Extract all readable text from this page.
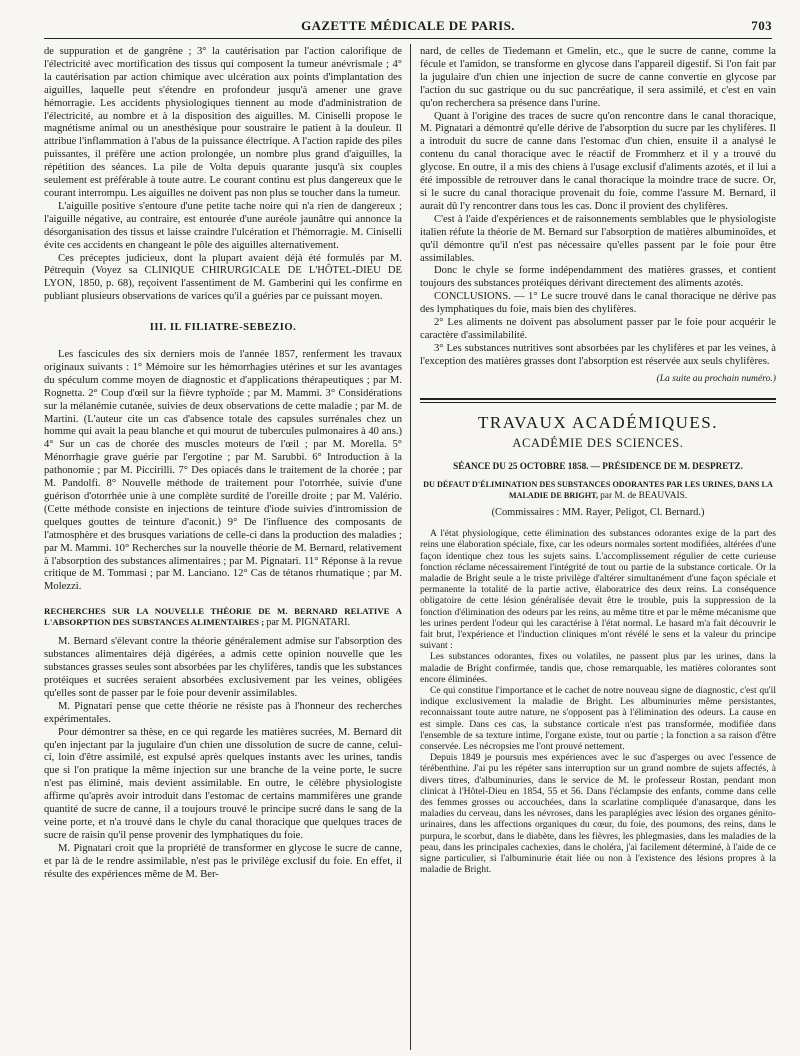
GAZETTE MÉDICALE DE PARIS.	703

de suppuration et de gangrène ; 3° la cautérisation par l'action calorifique de l'électricité avec mortification des tissus qui composent la tumeur anévrismale ; 4° la cautérisation par action chimique avec ulcération aux points d'implantation des aiguilles, laquelle peut s'étendre en profondeur jusqu'à amener une grave hémorragie. Les accidents physiologiques tiennent au mode d'administration de l'électricité, au nombre et à la disposition des aiguilles. M. Ciniselli propose le magnétisme animal ou un anesthésique pour soustraire le patient à la douleur. Il attribue l'inflammation à l'abus de la puissance électrique. A l'action rapide des piles puissantes, il préfère une action prolongée, un nombre plus grand d'aiguilles, la répétition des séances. La pile de Volta depuis quarante jusqu'à six couples seulement est préférable à toute autre. Le courant continu est plus dangereux que le courant interrompu. Les aiguilles ne doivent pas non plus se toucher dans la tumeur.

L'aiguille positive s'entoure d'une petite tache noire qui n'a rien de dangereux ; l'aiguille négative, au contraire, est entourée d'une auréole jaunâtre qui annonce la désorganisation des tissus et laisse craindre l'ulcération et l'hémorragie. M. Ciniselli évite ces accidents en changeant le pôle des aiguilles alternativement.

Ces préceptes judicieux, dont la plupart avaient déjà été formulés par M. Pétrequin (Voyez sa CLINIQUE CHIRURGICALE DE L'HÔTEL-DIEU DE LYON, 1850, p. 68), reçoivent l'assentiment de M. Gamberini qui les confirme en publiant plusieurs observations de varices qu'il a guéries par ce puissant moyen.

III. IL FILIATRE-SEBEZIO.

Les fascicules des six derniers mois de l'année 1857, renferment les travaux originaux suivants : 1° Mémoire sur les hémorrhagies utérines et sur les avantages du spéculum comme moyen de diagnostic et d'applications thérapeutiques ; par M. Rognetta. 2° Coup d'œil sur la fièvre typhoïde ; par M. Mammi. 3° Considérations sur la mélanémie cutanée, suivies de deux observations de cette maladie ; par M. de Martini. (L'auteur cite un cas d'absence totale des capsules surrénales chez un homme qui avait la peau blanche et qui mourut de tubercules pulmonaires à 40 ans.) 4° Sur un cas de chorée des muscles moteurs de l'œil ; par M. Morella. 5° Ménorrhagie grave guérie par l'ergotine ; par M. Sarubbi. 6° Introduction à la pathonomie ; par M. Piccirilli. 7° Des opiacés dans le traitement de la chorée ; par M. Pandolfi. 8° Nouvelle méthode de traitement pour l'otorrhée, suivie d'une guérison d'otorrhée unie à une complète surdité de l'oreille droite ; par M. Valério. (Cette méthode consiste en injections de teinture d'iode suivies d'intromission de quelques gouttes de teinture d'aconit.) 9° De l'influence des composants de l'atmosphère et des brusques variations de celle-ci dans la production des maladies ; par M. Mammi. 10° Recherches sur la nouvelle théorie de M. Bernard, relativement à l'absorption des substances alimentaires ; par M. Pignatari. 11° Réponse à la revue critique de M. Tommasi ; par M. Lanciano. 12° Cas de tétanos rhumatique ; par M. Molezzi.

RECHERCHES SUR LA NOUVELLE THÉORIE DE M. BERNARD RELATIVE A L'ABSORPTION DES SUBSTANCES ALIMENTAIRES ; par M. PIGNATARI.

M. Bernard s'élevant contre la théorie généralement admise sur l'absorption des substances alimentaires déjà digérées, a admis cette opinion nouvelle que les substances grasses seules sont absorbées par les chylifères, tandis que les substances protéiques et sucrées seraient absorbées exclusivement par les veines, obligées qu'elles sont de passer par le foie pour devenir assimilables.

M. Pignatari pense que cette théorie ne résiste pas à l'honneur des recherches expérimentales.

Pour démontrer sa thèse, en ce qui regarde les matières sucrées, M. Bernard dit qu'en injectant par la jugulaire d'un chien une dissolution de sucre de canne, celui-ci, loin d'être assimilé, est expulsé après quelques instants avec les urines, tandis que si l'on pratique la même injection sur une branche de la veine porte, le sucre n'est pas éliminé, mais devient assimilable. En outre, le célèbre physiologiste affirme qu'après avoir introduit dans l'estomac de certains mammifères une grande quantité de sucre de canne, il a toujours trouvé le principe sucré dans le sang de la veine porte, et n'a trouvé dans le chyle du canal thoracique que quelques traces de sucre de raisin qu'il pense provenir des lymphatiques du foie.

M. Pignatari croit que la propriété de transformer en glycose le sucre de canne, et par là de le rendre assimilable, n'est pas le privilège exclusif du foie. En effet, il résulte des expériences même de M. Ber-

nard, de celles de Tiedemann et Gmelin, etc., que le sucre de canne, comme la fécule et l'amidon, se transforme en glycose dans l'appareil digestif. Si l'on fait par la jugulaire d'un chien une injection de sucre de canne convertie en glycose par l'action du suc gastrique ou du suc pancréatique, il sera assimilé, et c'est en vain qu'on recherchera sa présence dans l'urine.

Quant à l'origine des traces de sucre qu'on rencontre dans le canal thoracique, M. Pignatari a démontré qu'elle dérive de l'absorption du sucre par les chylifères. Il a introduit du sucre de canne dans l'estomac d'un chien, ensuite il a analysé le contenu du canal thoracique avec le réactif de Frommherz et il y a trouvé du glycose. En outre, il a mis des chiens à l'usage exclusif d'aliments azotés, et il lui a été impossible de retrouver dans le canal thoracique la moindre trace de sucre. Or, si le sucre du canal thoracique provenait du foie, comme l'assure M. Bernard, il aurait dû l'y rencontrer dans tous les cas. Donc il provient des chylifères.

C'est à l'aide d'expériences et de raisonnements semblables que le physiologiste italien réfute la théorie de M. Bernard sur l'absorption de matières albuminoïdes, et qu'il démontre qu'il n'est pas nécessaire qu'elles passent par le foie pour être assimilables.

Donc le chyle se forme indépendamment des matières grasses, et contient toujours des substances protéiques dérivant directement des aliments azotés.

CONCLUSIONS. — 1° Le sucre trouvé dans le canal thoracique ne dérive pas des lymphatiques du foie, mais bien des chylifères.

2° Les aliments ne doivent pas absolument passer par le foie pour acquérir le caractère d'assimilabilité.

3° Les substances nutritives sont absorbées par les chylifères et par les veines, à l'exception des matières grasses dont l'absorption est réservée aux seuls chylifères.

(La suite au prochain numéro.)
TRAVAUX ACADÉMIQUES.
ACADÉMIE DES SCIENCES.
SÉANCE DU 25 OCTOBRE 1858. — PRÉSIDENCE DE M. DESPRETZ.
DU DÉFAUT D'ÉLIMINATION DES SUBSTANCES ODORANTES PAR LES URINES, DANS LA MALADIE DE BRIGHT, par M. de BEAUVAIS.
(Commissaires : MM. Rayer, Peligot, Cl. Bernard.)

A l'état physiologique, cette élimination des substances odorantes exige de la part des reins une élaboration spéciale, fixe, car les odeurs normales sortent modifiées, altérées d'une façon identique chez tous les sujets sains. L'accomplissement régulier de cette curieuse fonction réclame nécessairement l'intégrité de tout ou partie de la substance corticale. Or la maladie de Bright seule a le triste privilège d'altérer simultanément d'une façon spéciale et permanente la totalité de la partie active, élaboratrice des deux reins. La conséquence obligatoire de cette lésion généralisée devait être le trouble, puis la suppression de la fonction d'élimination des odeurs par les reins, au même titre et par le même mécanisme que les urines perdent l'odeur qui les caractérise à l'état normal. Le hasard m'a fait découvrir le fait brut, l'expérience et l'induction cliniques m'ont révélé le sens et la valeur du principe suivant :

Les substances odorantes, fixes ou volatiles, ne passent plus par les urines, dans la maladie de Bright confirmée, tandis que, chose remarquable, les matières colorantes sont encore éliminées.

Ce qui constitue l'importance et le cachet de notre nouveau signe de diagnostic, c'est qu'il indique exclusivement la maladie de Bright. Les albuminuries même persistantes, reconnaissant toute autre nature, ne s'opposent pas à l'élimination des odeurs. La cause en est simple. Dans ces cas, la substance corticale n'est pas transformée, modifiée dans l'ensemble de sa texture intime, l'organe existe, tout ou partie ; la fonction a sa raison d'être conservée. Les nécropsies me l'ont prouvé nettement.

Depuis 1849 je poursuis mes expériences avec le suc d'asperges ou avec l'essence de térébenthine. J'ai pu les répéter sans interruption sur un grand nombre de sujets affectés, à divers titres, d'albuminuries, dans le service de M. le professeur Rostan, pendant mon clinicat à l'Hôtel-Dieu en 1854, 55 et 56. Dans l'éclampsie des enfants, comme dans celle des femmes grosses ou accouchées, dans la scarlatine compliquée d'anasarque, dans les maladies du cerveau, dans les névroses, dans les paraplégies avec lésion des organes génito-urinaires, dans les affections organiques du cœur, du foie, des poumons, des reins, dans le purpura, le scorbut, dans le diabète, dans les fièvres, les phlegmasies, dans les maladies de la peau, dans les principales cachexies, dans le choléra, j'ai facilement déterminé, à l'aide de ce signe particulier, si l'albuminurie était liée ou non à l'existence des lésions propres à la maladie de Bright.
